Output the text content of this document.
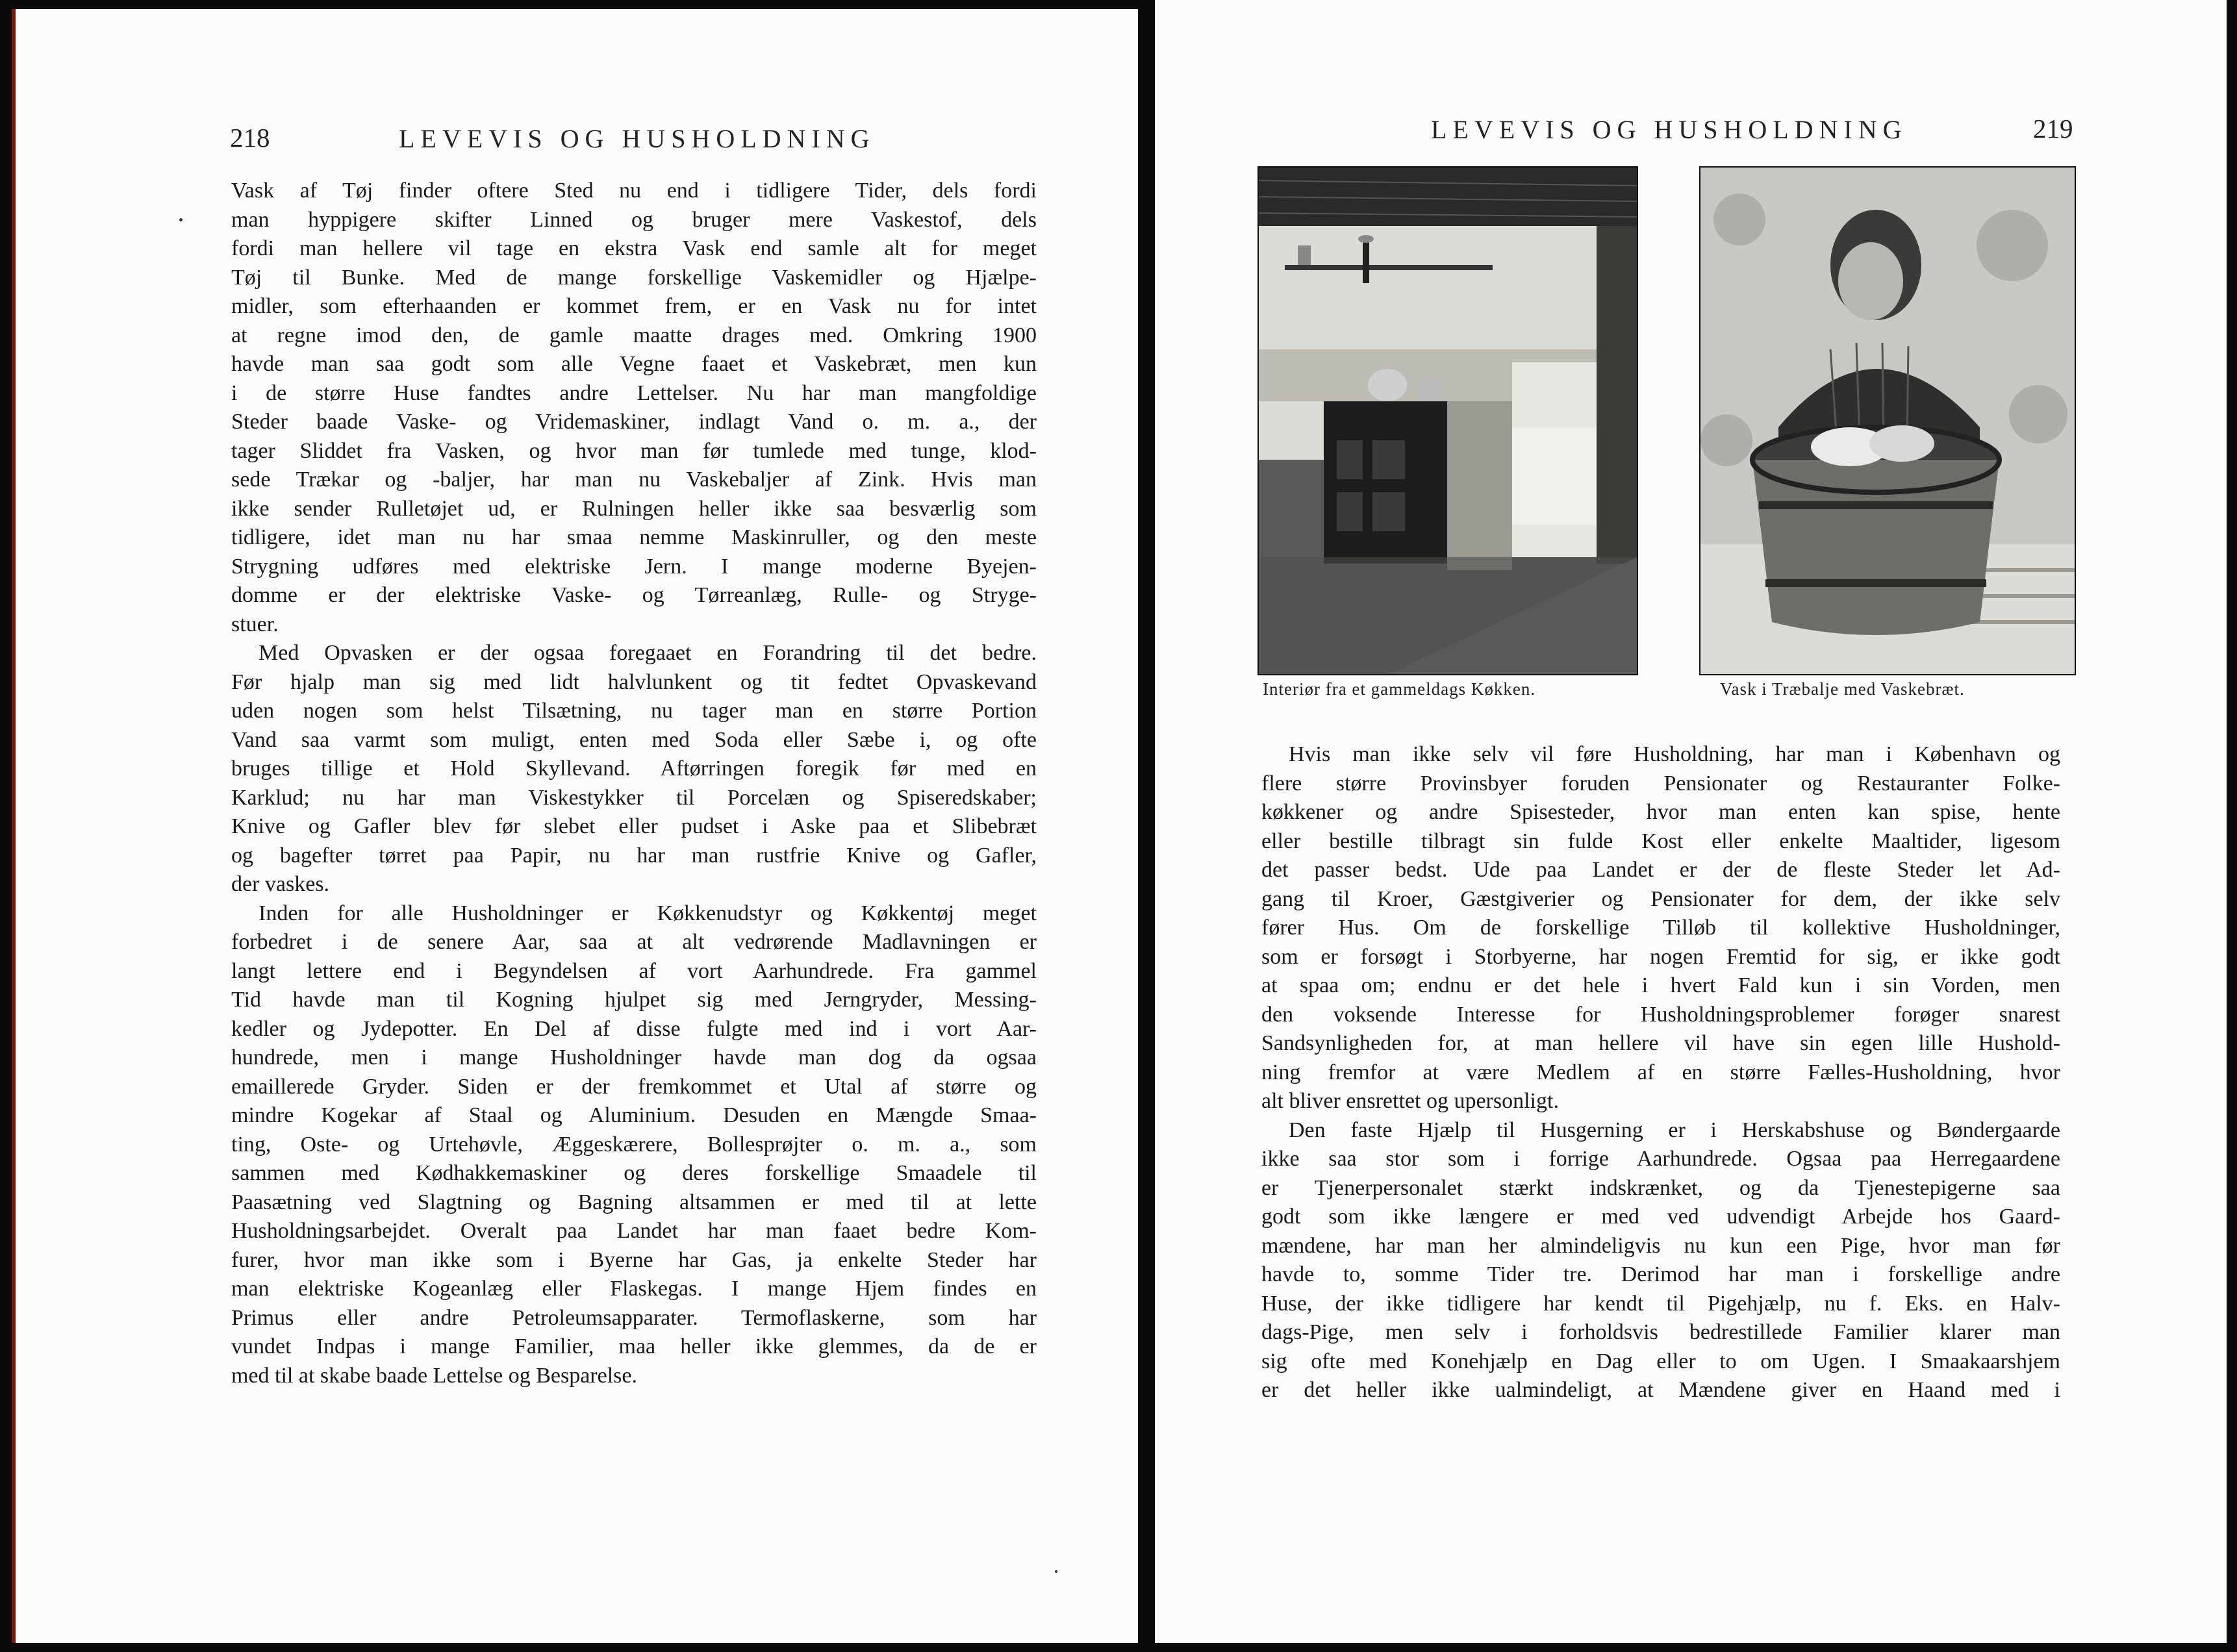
218	LEVEVIS OG HUSHOLDNING
Vask af Tøj finder oftere Sted nu end i tidligere Tider, dels fordi
man hyppigere skifter Linned og bruger mere Vaskestof, dels
fordi man hellere vil tage en ekstra Vask end samle alt for meget
Tøj til Bunke. Med de mange forskellige Vaskemidler og Hjælpe-
midler, som efterhaanden er kommet frem, er en Vask nu for intet
at regne imod den, de gamle maatte drages med. Omkring 1900
havde man saa godt som alle Vegne faaet et Vaskebræt, men kun
i de større Huse fandtes andre Lettelser. Nu har man mangfoldige
Steder baade Vaske- og Vridemaskiner, indlagt Vand o. m. a., der
tager Sliddet fra Vasken, og hvor man før tumlede med tunge, klod-
sede Trækar og -baljer, har man nu Vaskebaljer af Zink. Hvis man
ikke sender Rulletøjet ud, er Rulningen heller ikke saa besværlig som
tidligere, idet man nu har smaa nemme Maskinruller, og den meste
Strygning udføres med elektriske Jern. I mange moderne Byejen-
domme er der elektriske Vaske- og Tørreanlæg, Rulle- og Stryge-
stuer.
Med Opvasken er der ogsaa foregaaet en Forandring til det bedre.
Før hjalp man sig med lidt halvlunkent og tit fedtet Opvaskevand
uden nogen som helst Tilsætning, nu tager man en større Portion
Vand saa varmt som muligt, enten med Soda eller Sæbe i, og ofte
bruges tillige et Hold Skyllevand. Aftørringen foregik før med en
Karklud; nu har man Viskestykker til Porcelæn og Spiseredskaber;
Knive og Gafler blev før slebet eller pudset i Aske paa et Slibebræt
og bagefter tørret paa Papir, nu har man rustfrie Knive og Gafler,
der vaskes.
Inden for alle Husholdninger er Køkkenudstyr og Køkkentøj meget
forbedret i de senere Aar, saa at alt vedrørende Madlavningen er
langt lettere end i Begyndelsen af vort Aarhundrede. Fra gammel
Tid havde man til Kogning hjulpet sig med Jerngryder, Messing-
kedler og Jydepotter. En Del af disse fulgte med ind i vort Aar-
hundrede, men i mange Husholdninger havde man dog da ogsaa
emaillerede Gryder. Siden er der fremkommet et Utal af større og
mindre Kogekar af Staal og Aluminium. Desuden en Mængde Smaa-
ting, Oste- og Urtehøvle, Æggeskærere, Bollesprøjter o. m. a., som
sammen med Kødhakkemaskiner og deres forskellige Smaadele til
Paasætning ved Slagtning og Bagning altsammen er med til at lette
Husholdningsarbejdet. Overalt paa Landet har man faaet bedre Kom-
furer, hvor man ikke som i Byerne har Gas, ja enkelte Steder har
man elektriske Kogeanlæg eller Flaskegas. I mange Hjem findes en
Primus eller andre Petroleumsapparater. Termoflaskerne, som har
vundet Indpas i mange Familier, maa heller ikke glemmes, da de er
med til at skabe baade Lettelse og Besparelse.
LEVEVIS OG HUSHOLDNING	219
Interiør fra et gammeldags Køkken.	Vask i Træbalje med Vaskebræt.
Hvis man ikke selv vil føre Husholdning, har man i København og
flere større Provinsbyer foruden Pensionater og Restauranter Folke-
køkkener og andre Spisesteder, hvor man enten kan spise, hente
eller bestille tilbragt sin fulde Kost eller enkelte Maaltider, ligesom
det passer bedst. Ude paa Landet er der de fleste Steder let Ad-
gang til Kroer, Gæstgiverier og Pensionater for dem, der ikke selv
fører Hus. Om de forskellige Tilløb til kollektive Husholdninger,
som er forsøgt i Storbyerne, har nogen Fremtid for sig, er ikke godt
at spaa om; endnu er det hele i hvert Fald kun i sin Vorden, men
den voksende Interesse for Husholdningsproblemer forøger snarest
Sandsynligheden for, at man hellere vil have sin egen lille Hushold-
ning fremfor at være Medlem af en større Fælles-Husholdning, hvor
alt bliver ensrettet og upersonligt.
Den faste Hjælp til Husgerning er i Herskabshuse og Bøndergaarde
ikke saa stor som i forrige Aarhundrede. Ogsaa paa Herregaardene
er Tjenerpersonalet stærkt indskrænket, og da Tjenestepigerne saa
godt som ikke længere er med ved udvendigt Arbejde hos Gaard-
mændene, har man her almindeligvis nu kun een Pige, hvor man før
havde to, somme Tider tre. Derimod har man i forskellige andre
Huse, der ikke tidligere har kendt til Pigehjælp, nu f. Eks. en Halv-
dags-Pige, men selv i forholdsvis bedrestillede Familier klarer man
sig ofte med Konehjælp en Dag eller to om Ugen. I Smaakaarshjem
er det heller ikke ualmindeligt, at Mændene giver en Haand med i
